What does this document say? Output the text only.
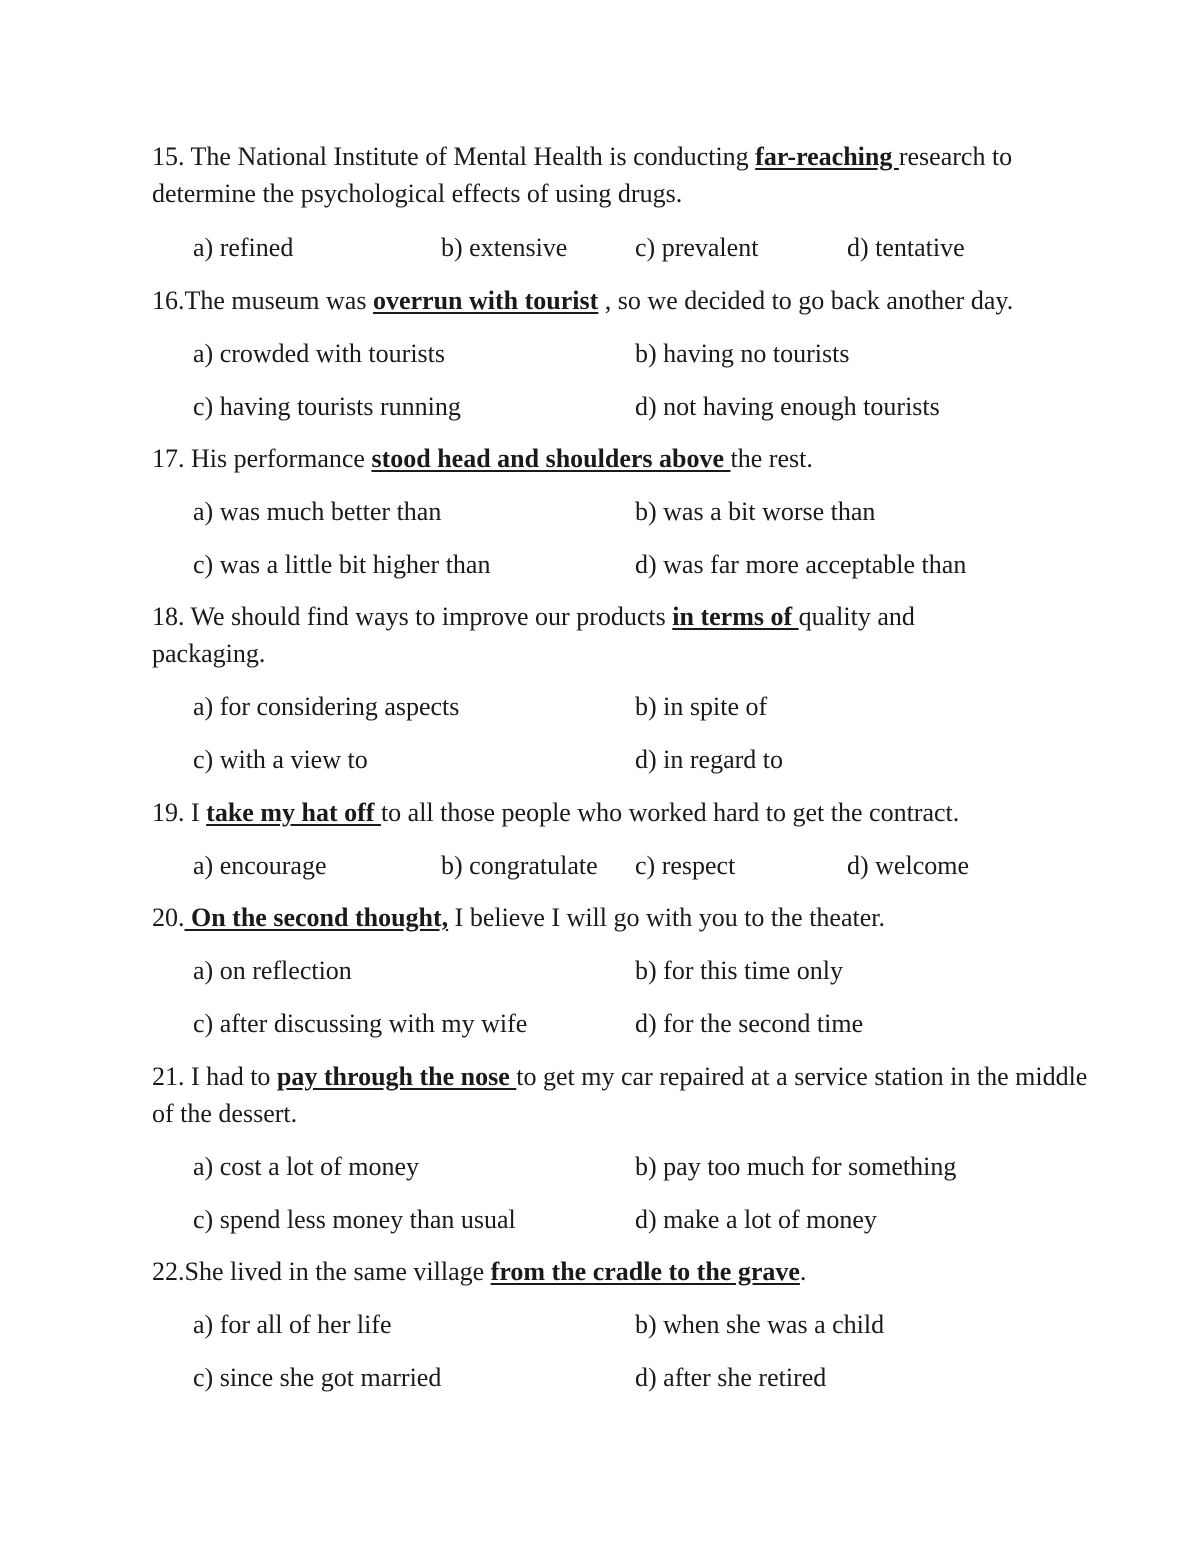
15. The National Institute of Mental Health is conducting far-reaching research to determine the psychological effects of using drugs.
a) refined	b) extensive	c) prevalent	d) tentative
16.The museum was overrun with tourist , so we decided to go back another day.
a) crowded with tourists	b) having no tourists
c) having tourists running	d) not having enough tourists
17. His performance stood head and shoulders above the rest.
a) was much better than	b) was a bit worse than
c) was a little bit higher than	d) was far more acceptable than
18. We should find ways to improve our products in terms of quality and packaging.
a) for considering aspects	b) in spite of
c) with a view to	d) in regard to
19. I take my hat off to all those people who worked hard to get the contract.
a) encourage	b) congratulate c) respect	d) welcome
20. On the second thought, I believe I will go with you to the theater.
a) on reflection	b) for this time only
c) after discussing with my wife	d) for the second time
21. I had to pay through the nose to get my car repaired at a service station in the middle of the dessert.
a) cost a lot of money	b) pay too much for something
c) spend less money than usual	d) make a lot of money
22.She lived in the same village from the cradle to the grave.
a) for all of her life	b) when she was a child
c) since she got married	d) after she retired
